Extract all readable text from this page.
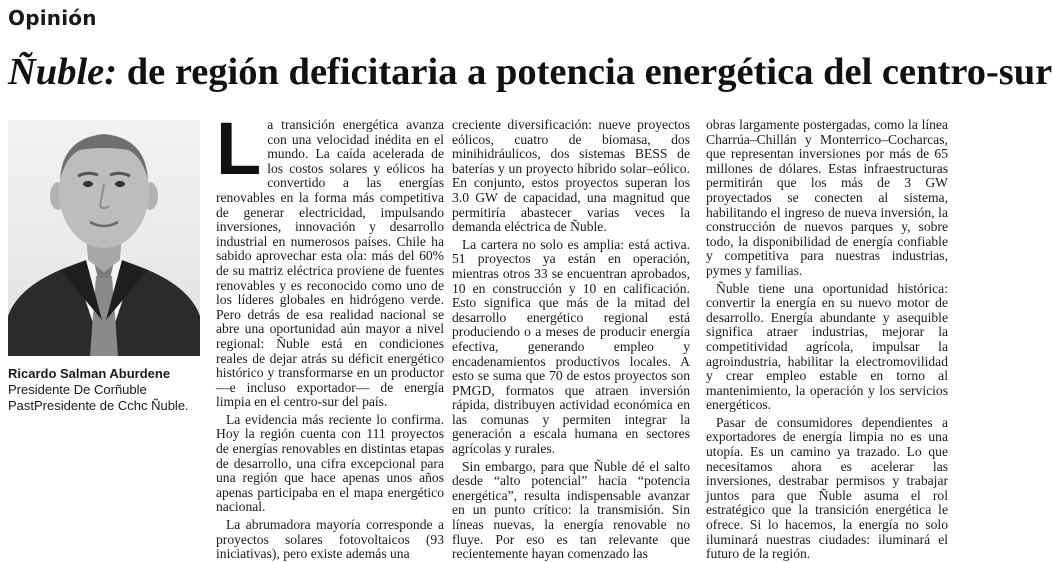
Opinión
Ñuble: de región deficitaria a potencia energética del centro-sur
Ricardo Salman Aburdene
Presidente De Corñuble
PastPresidente de Cchc Ñuble.

La transición energética avanza con una velocidad inédita en el mundo. La caída acelerada de los costos solares y eólicos ha convertido a las energías renovables en la forma más competitiva de generar electricidad, impulsando inversiones, innovación y desarrollo industrial en numerosos países. Chile ha sabido aprovechar esta ola: más del 60% de su matriz eléctrica proviene de fuentes renovables y es reconocido como uno de los líderes globales en hidrógeno verde. Pero detrás de esa realidad nacional se abre una oportunidad aún mayor a nivel regional: Ñuble está en condiciones reales de dejar atrás su déficit energético histórico y transformarse en un productor —e incluso exportador— de energía limpia en el centro-sur del país.

La evidencia más reciente lo confirma. Hoy la región cuenta con 111 proyectos de energías renovables en distintas etapas de desarrollo, una cifra excepcional para una región que hace apenas unos años apenas participaba en el mapa energético nacional.

La abrumadora mayoría corresponde a proyectos solares fotovoltaicos (93 iniciativas), pero existe además una

creciente diversificación: nueve proyectos eólicos, cuatro de biomasa, dos minihidráulicos, dos sistemas BESS de baterías y un proyecto híbrido solar–eólico. En conjunto, estos proyectos superan los 3.0 GW de capacidad, una magnitud que permitiría abastecer varias veces la demanda eléctrica de Ñuble.

La cartera no solo es amplia: está activa. 51 proyectos ya están en operación, mientras otros 33 se encuentran aprobados, 10 en construcción y 10 en calificación. Esto significa que más de la mitad del desarrollo energético regional está produciendo o a meses de producir energía efectiva, generando empleo y encadenamientos productivos locales. A esto se suma que 70 de estos proyectos son PMGD, formatos que atraen inversión rápida, distribuyen actividad económica en las comunas y permiten integrar la generación a escala humana en sectores agrícolas y rurales.

Sin embargo, para que Ñuble dé el salto desde “alto potencial” hacia “potencia energética”, resulta indispensable avanzar en un punto crítico: la transmisión. Sin líneas nuevas, la energía renovable no fluye. Por eso es tan relevante que recientemente hayan comenzado las

obras largamente postergadas, como la línea Charrúa–Chillán y Monterrico–Cocharcas, que representan inversiones por más de 65 millones de dólares. Estas infraestructuras permitirán que los más de 3 GW proyectados se conecten al sistema, habilitando el ingreso de nueva inversión, la construcción de nuevos parques y, sobre todo, la disponibilidad de energía confiable y competitiva para nuestras industrias, pymes y familias.

Ñuble tiene una oportunidad histórica: convertir la energía en su nuevo motor de desarrollo. Energía abundante y asequible significa atraer industrias, mejorar la competitividad agrícola, impulsar la agroindustria, habilitar la electromovilidad y crear empleo estable en torno al mantenimiento, la operación y los servicios energéticos.

Pasar de consumidores dependientes a exportadores de energía limpia no es una utopía. Es un camino ya trazado. Lo que necesitamos ahora es acelerar las inversiones, destrabar permisos y trabajar juntos para que Ñuble asuma el rol estratégico que la transición energética le ofrece. Si lo hacemos, la energía no solo iluminará nuestras ciudades: iluminará el futuro de la región.
